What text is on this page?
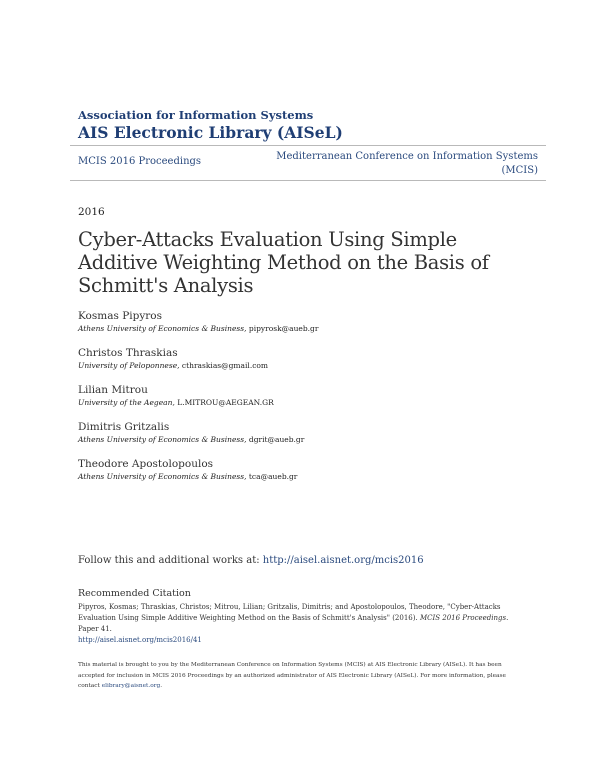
Association for Information Systems
AIS Electronic Library (AISeL)
MCIS 2016 Proceedings	Mediterranean Conference on Information Systems (MCIS)
2016
Cyber-Attacks Evaluation Using Simple Additive Weighting Method on the Basis of Schmitt's Analysis
Kosmas Pipyros
Athens University of Economics & Business, pipyrosk@aueb.gr
Christos Thraskias
University of Peloponnese, cthraskias@gmail.com
Lilian Mitrou
University of the Aegean, L.MITROU@AEGEAN.GR
Dimitris Gritzalis
Athens University of Economics & Business, dgrit@aueb.gr
Theodore Apostolopoulos
Athens University of Economics & Business, tca@aueb.gr
Follow this and additional works at: http://aisel.aisnet.org/mcis2016
Recommended Citation
Pipyros, Kosmas; Thraskias, Christos; Mitrou, Lilian; Gritzalis, Dimitris; and Apostolopoulos, Theodore, "Cyber-Attacks Evaluation Using Simple Additive Weighting Method on the Basis of Schmitt's Analysis" (2016). MCIS 2016 Proceedings. Paper 41.
http://aisel.aisnet.org/mcis2016/41
This material is brought to you by the Mediterranean Conference on Information Systems (MCIS) at AIS Electronic Library (AISeL). It has been accepted for inclusion in MCIS 2016 Proceedings by an authorized administrator of AIS Electronic Library (AISeL). For more information, please contact elibrary@aisnet.org.
